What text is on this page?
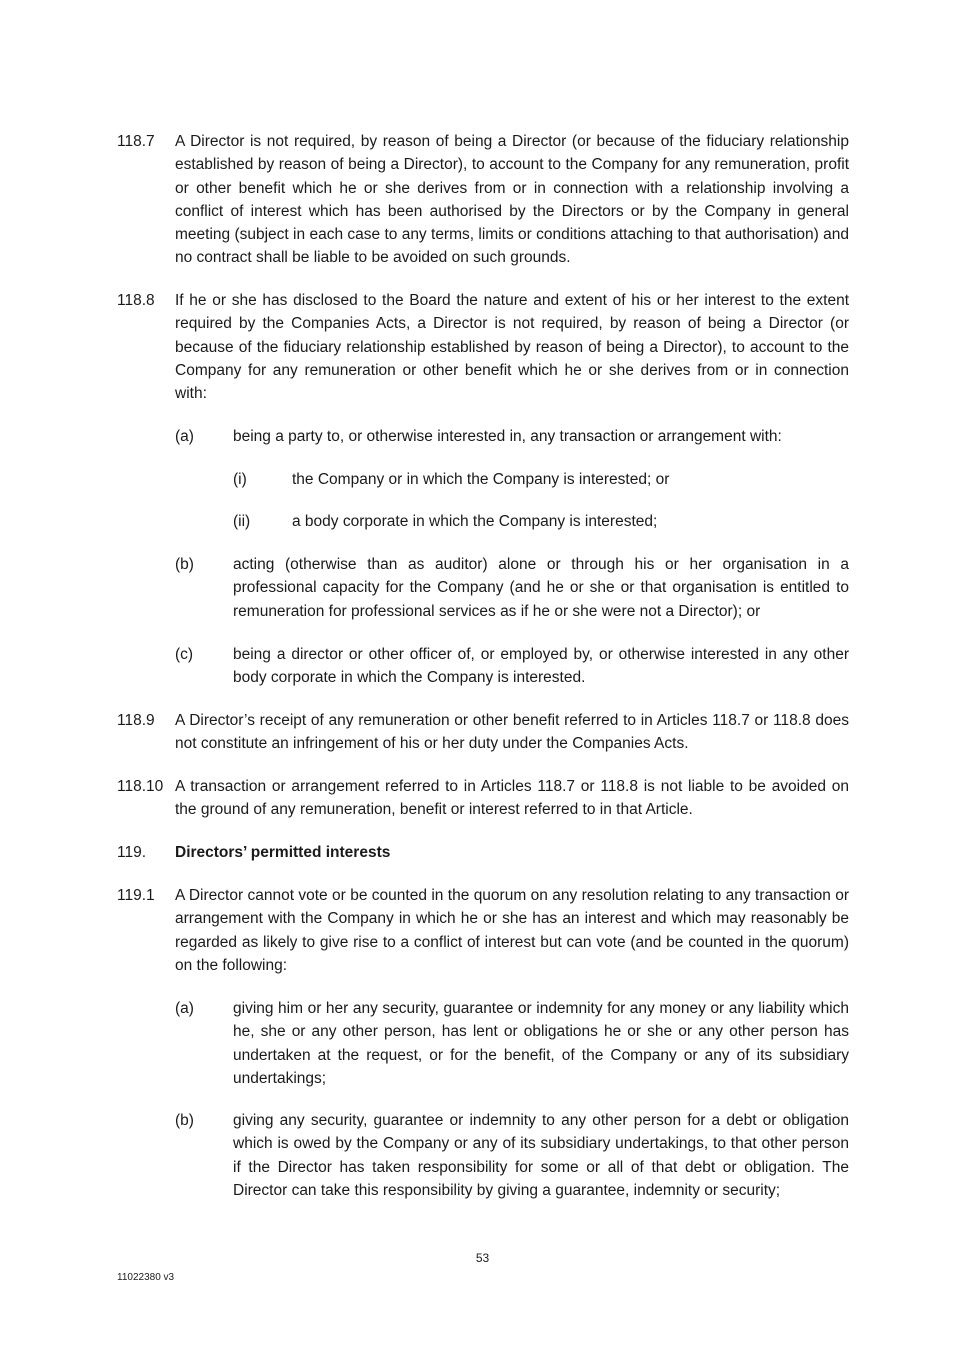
118.7 A Director is not required, by reason of being a Director (or because of the fiduciary relationship established by reason of being a Director), to account to the Company for any remuneration, profit or other benefit which he or she derives from or in connection with a relationship involving a conflict of interest which has been authorised by the Directors or by the Company in general meeting (subject in each case to any terms, limits or conditions attaching to that authorisation) and no contract shall be liable to be avoided on such grounds.
118.8 If he or she has disclosed to the Board the nature and extent of his or her interest to the extent required by the Companies Acts, a Director is not required, by reason of being a Director (or because of the fiduciary relationship established by reason of being a Director), to account to the Company for any remuneration or other benefit which he or she derives from or in connection with:
(a)	being a party to, or otherwise interested in, any transaction or arrangement with:
(i)	the Company or in which the Company is interested; or
(ii)	a body corporate in which the Company is interested;
(b)	acting (otherwise than as auditor) alone or through his or her organisation in a professional capacity for the Company (and he or she or that organisation is entitled to remuneration for professional services as if he or she were not a Director); or
(c)	being a director or other officer of, or employed by, or otherwise interested in any other body corporate in which the Company is interested.
118.9 A Director’s receipt of any remuneration or other benefit referred to in Articles 118.7 or 118.8 does not constitute an infringement of his or her duty under the Companies Acts.
118.10 A transaction or arrangement referred to in Articles 118.7 or 118.8 is not liable to be avoided on the ground of any remuneration, benefit or interest referred to in that Article.
119. Directors’ permitted interests
119.1 A Director cannot vote or be counted in the quorum on any resolution relating to any transaction or arrangement with the Company in which he or she has an interest and which may reasonably be regarded as likely to give rise to a conflict of interest but can vote (and be counted in the quorum) on the following:
(a)	giving him or her any security, guarantee or indemnity for any money or any liability which he, she or any other person, has lent or obligations he or she or any other person has undertaken at the request, or for the benefit, of the Company or any of its subsidiary undertakings;
(b)	giving any security, guarantee or indemnity to any other person for a debt or obligation which is owed by the Company or any of its subsidiary undertakings, to that other person if the Director has taken responsibility for some or all of that debt or obligation. The Director can take this responsibility by giving a guarantee, indemnity or security;
53
11022380 v3
